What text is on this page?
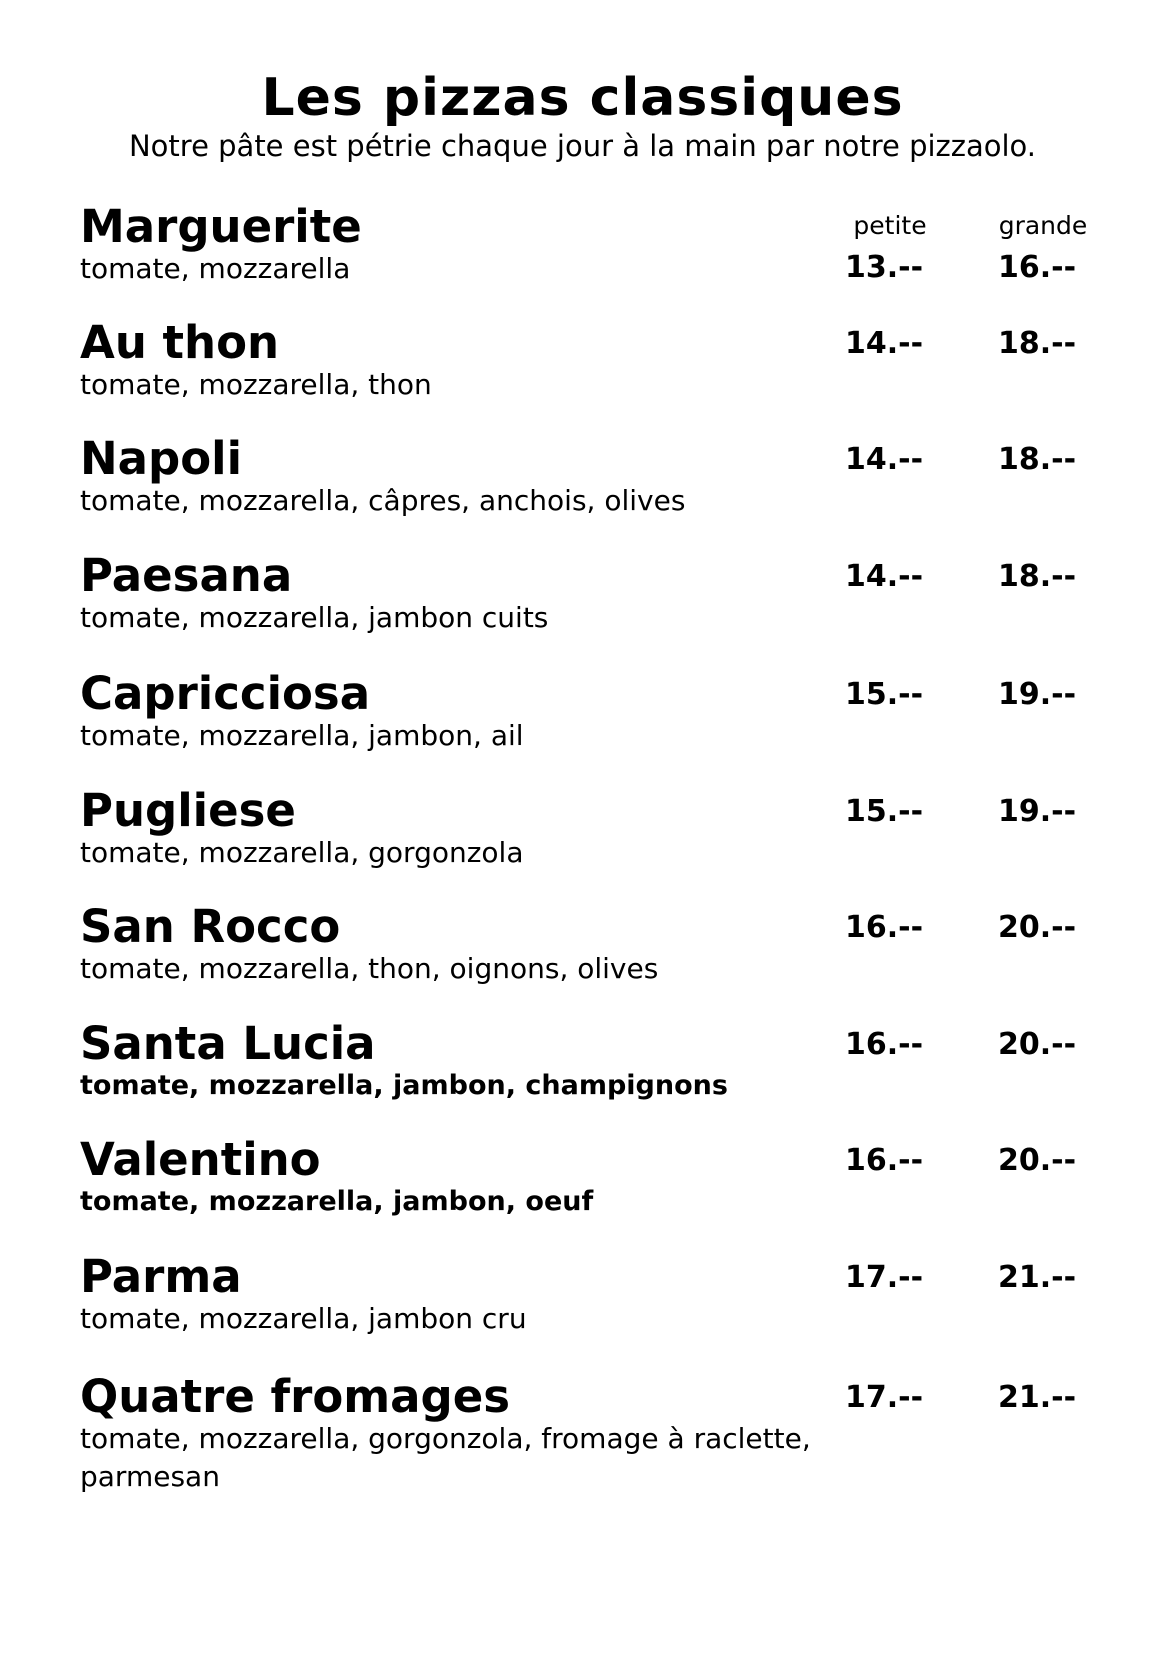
Les pizzas classiques
Notre pâte est pétrie chaque jour à la main par notre pizzaolo.
petite	grande
Marguerite
tomate, mozzarella	13.-- 16.--
Au thon
tomate, mozzarella, thon
14.-- 18.--
Napoli
tomate, mozzarella, câpres, anchois, olives
14.-- 18.--
Paesana
tomate, mozzarella, jambon cuits
14.-- 18.--
Capricciosa
tomate, mozzarella, jambon, ail
15.-- 19.--
Pugliese
tomate, mozzarella, gorgonzola
15.-- 19.--
San Rocco
tomate, mozzarella, thon, oignons, olives
16.-- 20.--
Santa Lucia
tomate, mozzarella, jambon, champignons
16.-- 20.--
Valentino
tomate, mozzarella, jambon, oeuf
16.-- 20.--
Parma
tomate, mozzarella, jambon cru
17.-- 21.--
Quatre fromages
tomate, mozzarella, gorgonzola, fromage à raclette, parmesan
17.-- 21.--
